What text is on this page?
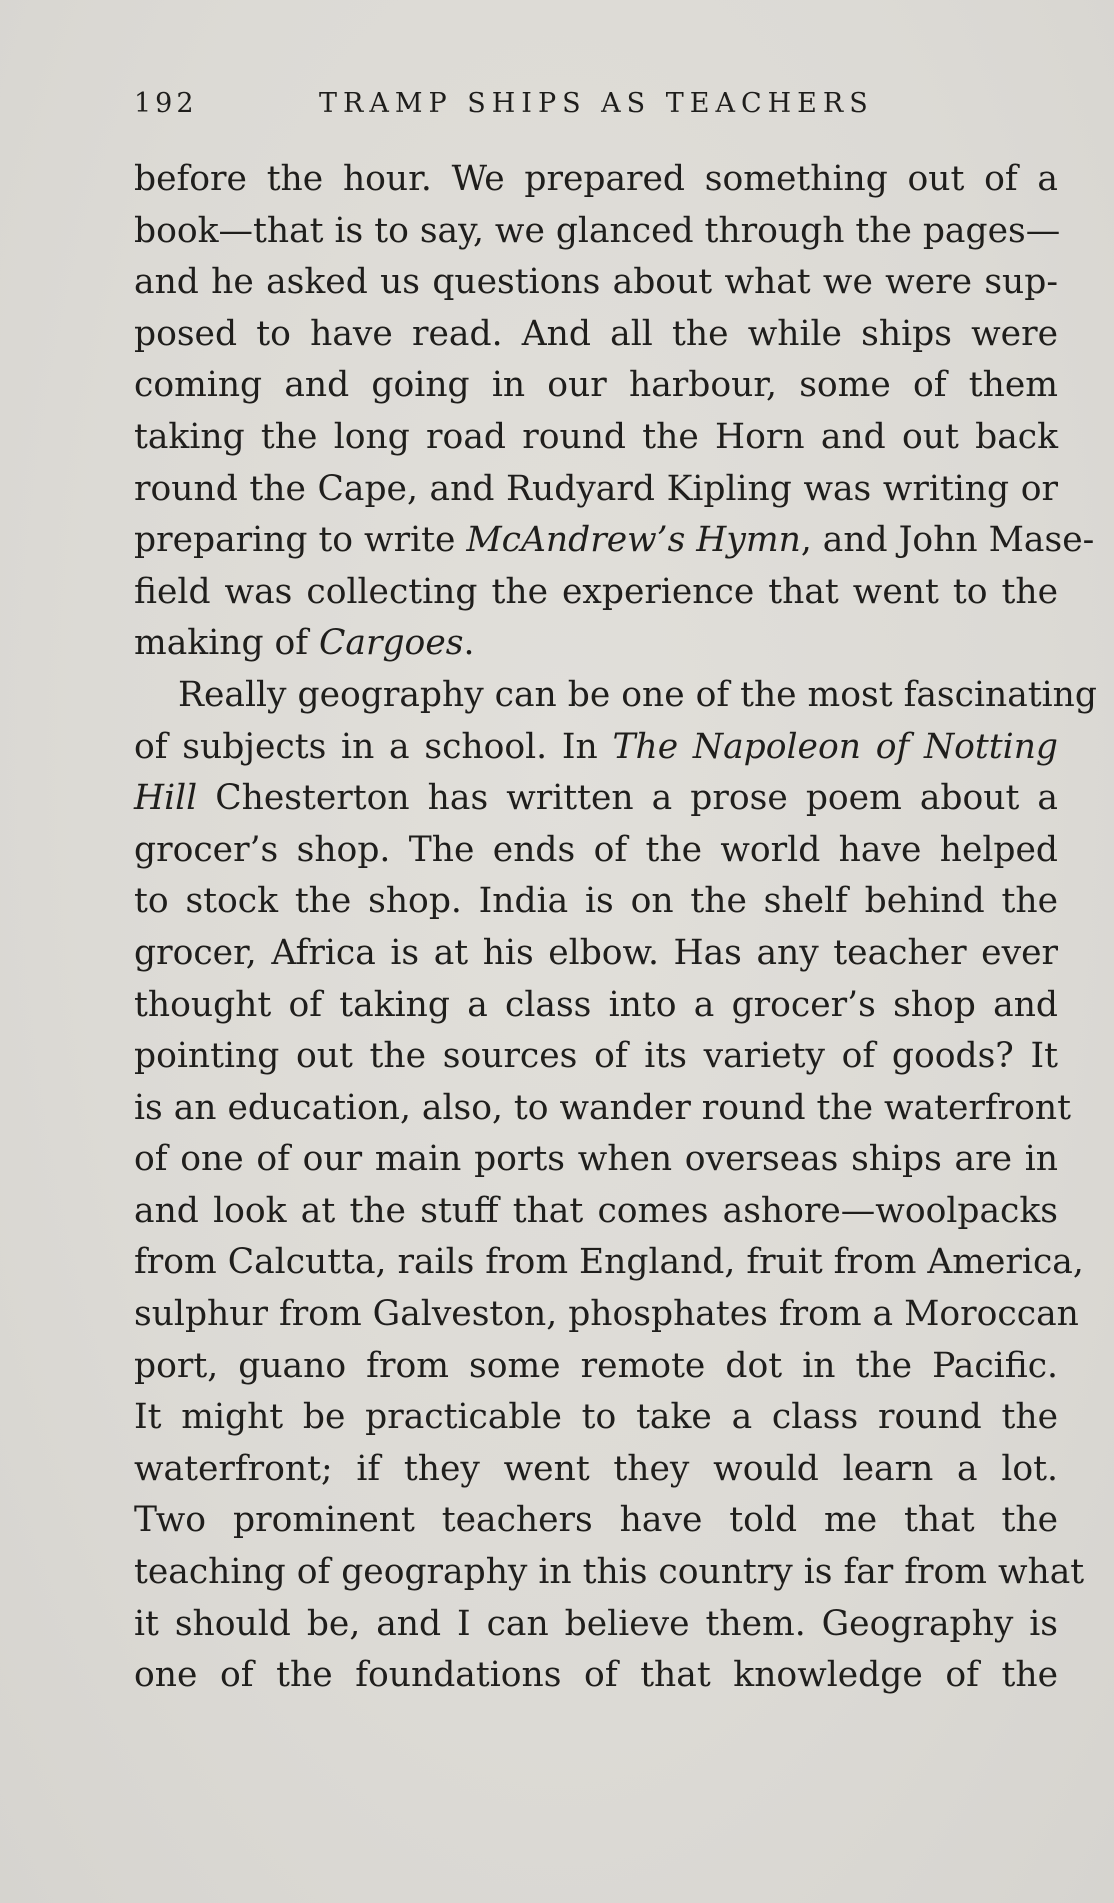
192	TRAMP SHIPS AS TEACHERS
before the hour. We prepared something out of a
book—that is to say, we glanced through the pages—
and he asked us questions about what we were sup-
posed to have read. And all the while ships were
coming and going in our harbour, some of them
taking the long road round the Horn and out back
round the Cape, and Rudyard Kipling was writing or
preparing to write McAndrew’s Hymn, and John Mase-
field was collecting the experience that went to the
making of Cargoes.
Really geography can be one of the most fascinating
of subjects in a school. In The Napoleon of Notting
Hill Chesterton has written a prose poem about a
grocer’s shop. The ends of the world have helped
to stock the shop. India is on the shelf behind the
grocer, Africa is at his elbow. Has any teacher ever
thought of taking a class into a grocer’s shop and
pointing out the sources of its variety of goods? It
is an education, also, to wander round the waterfront
of one of our main ports when overseas ships are in
and look at the stuff that comes ashore—woolpacks
from Calcutta, rails from England, fruit from America,
sulphur from Galveston, phosphates from a Moroccan
port, guano from some remote dot in the Pacific.
It might be practicable to take a class round the
waterfront; if they went they would learn a lot.
Two prominent teachers have told me that the
teaching of geography in this country is far from what
it should be, and I can believe them. Geography is
one of the foundations of that knowledge of the
